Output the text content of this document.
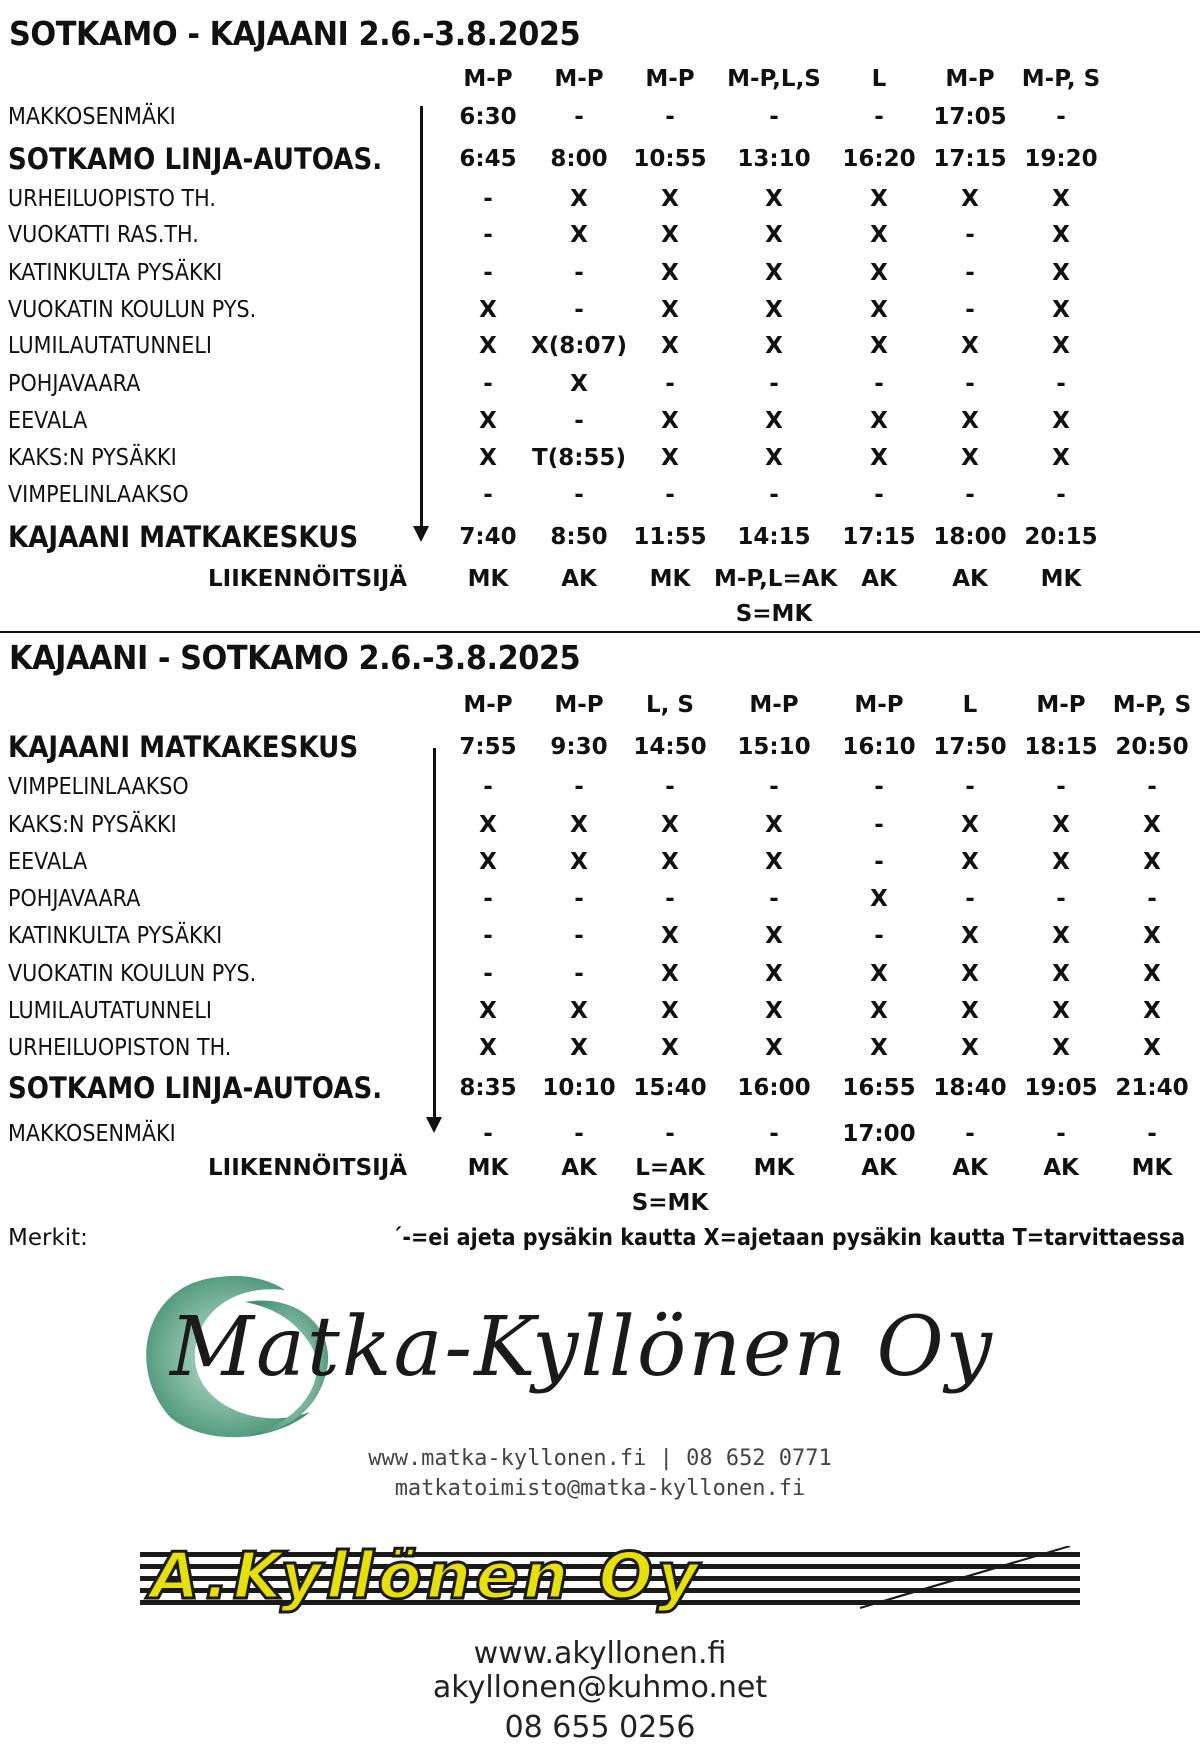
SOTKAMO - KAJAANI 2.6.-3.8.2025
M-P	M-P	M-P	M-P,L,S	L	M-P	M-P, S
MAKKOSENMÄKI	6:30	-	-	-	-	17:05	-
SOTKAMO LINJA-AUTOAS.	6:45	8:00	10:55	13:10	16:20 17:15 19:20
URHEILUOPISTO TH.	-	X	X	X	X	X	X
VUOKATTI RAS.TH.	-	X	X	X	X	-	X
KATINKULTA PYSÄKKI	-	-	X	X	X	-	X
VUOKATIN KOULUN PYS.	X	-	X	X	X	-	X
LUMILAUTATUNNELI	X	X(8:07)	X	X	X	X	X
POHJAVAARA	-	X	-	-	-	-	-
EEVALA	X	-	X	X	X	X	X
KAKS:N PYSÄKKI	X	T(8:55)	X	X	X	X	X
VIMPELINLAAKSO	-	-	-	-	-	-	-
KAJAANI MATKAKESKUS	7:40	8:50	11:55	14:15	17:15 18:00 20:15
LIIKENNÖITSIJÄ	MK	AK	MK	M-P,L=AK	AK	AK	MK
S=MK
KAJAANI - SOTKAMO 2.6.-3.8.2025
M-P	M-P	L, S	M-P	M-P	L	M-P	M-P, S
KAJAANI MATKAKESKUS	7:55	9:30	14:50	15:10	16:10 17:50 18:15 20:50
VIMPELINLAAKSO	-	-	-	-	-	-	-	-
KAKS:N PYSÄKKI	X	X	X	X	-	X	X	X
EEVALA	X	X	X	X	-	X	X	X
POHJAVAARA	-	-	-	-	X	-	-	-
KATINKULTA PYSÄKKI	-	-	X	X	-	X	X	X
VUOKATIN KOULUN PYS.	-	-	X	X	X	X	X	X
LUMILAUTATUNNELI	X	X	X	X	X	X	X	X
URHEILUOPISTON TH.	X	X	X	X	X	X	X	X
SOTKAMO LINJA-AUTOAS.	8:35	10:10 15:40	16:00	16:55 18:40 19:05 21:40
MAKKOSENMÄKI	-	-	-	-	17:00	-	-	-
LIIKENNÖITSIJÄ	MK	AK	L=AK	MK	AK	AK	AK	MK
S=MK
Merkit:	´-=ei ajeta pysäkin kautta X=ajetaan pysäkin kautta T=tarvittaessa
Matka-Kyllönen Oy
www.matka-kyllonen.fi | 08 652 0771
matkatoimisto@matka-kyllonen.fi
A.Kyllönen Oy
www.akyllonen.fi
akyllonen@kuhmo.net
08 655 0256
